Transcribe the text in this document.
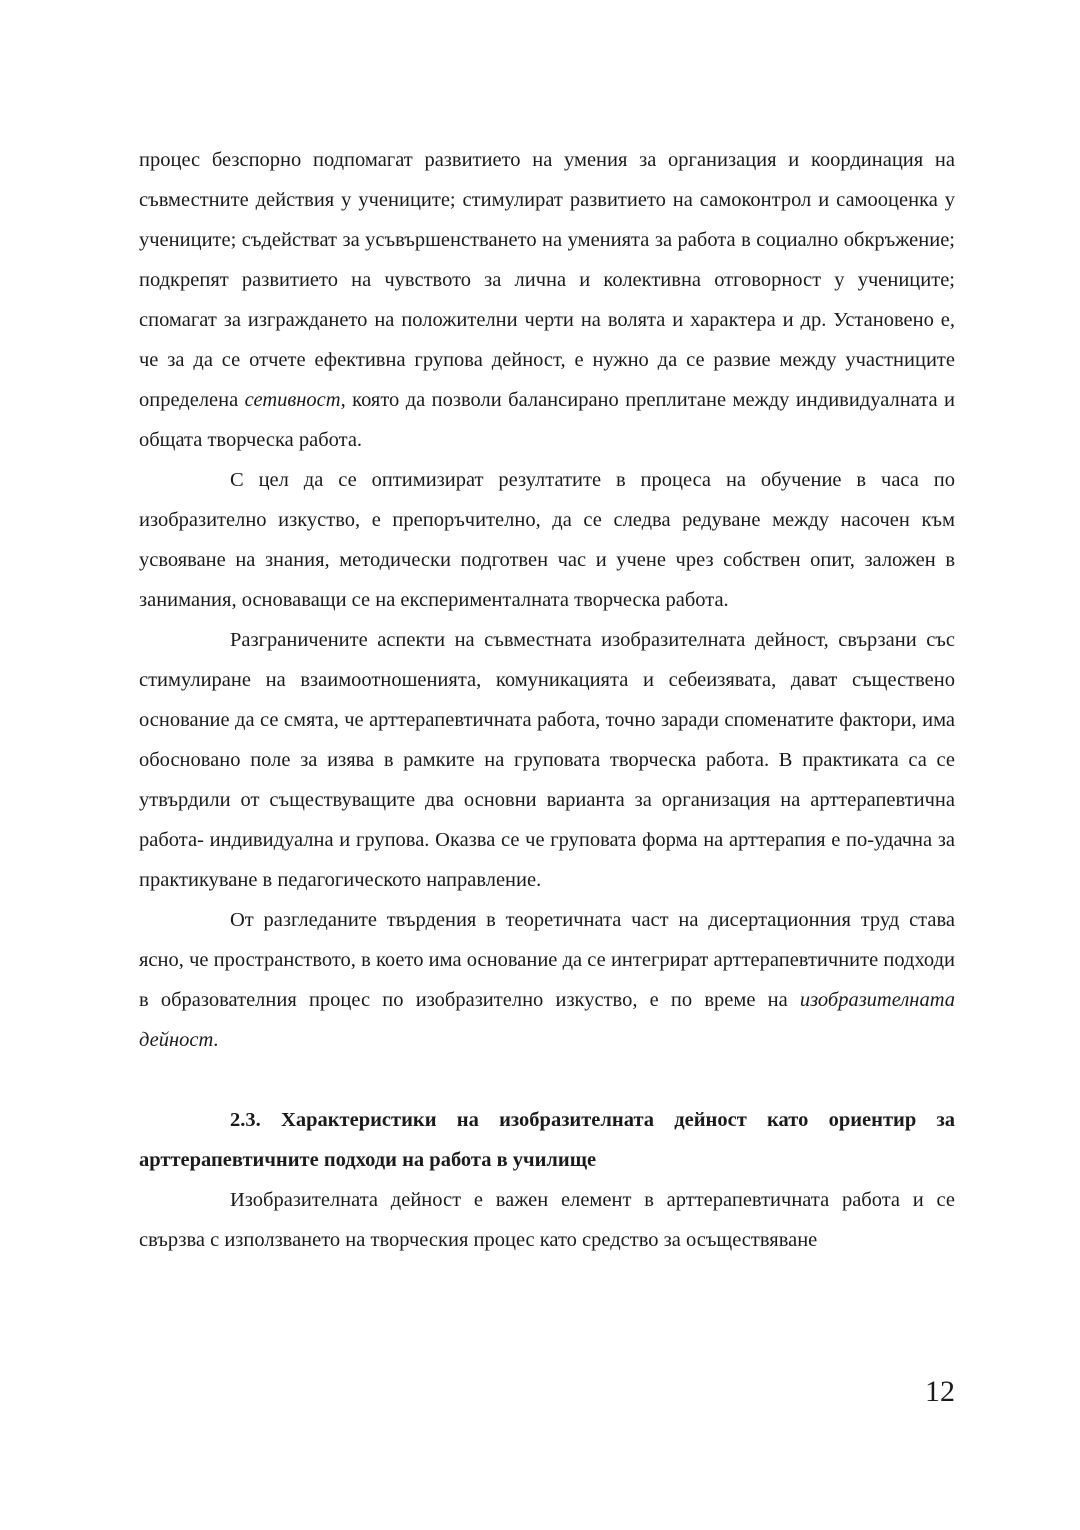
процес безспорно подпомагат развитието на умения за организация и координация на съвместните действия у учениците; стимулират развитието на самоконтрол и самооценка у учениците; съдействат за усъвършенстването на уменията за работа в социално обкръжение; подкрепят развитието на чувството за лична и колективна отговорност у учениците; спомагат за изграждането на положителни черти на волята и характера и др. Установено е, че за да се отчете ефективна групова дейност, е нужно да се развие между участниците определена сетивност, която да позволи балансирано преплитане между индивидуалната и общата творческа работа.

С цел да се оптимизират резултатите в процеса на обучение в часа по изобразително изкуство, е препоръчително, да се следва редуване между насочен към усвояване на знания, методически подготвен час и учене чрез собствен опит, заложен в занимания, основаващи се на експерименталната творческа работа.

Разграничените аспекти на съвместната изобразителната дейност, свързани със стимулиране на взаимоотношенията, комуникацията и себеизявата, дават съществено основание да се смята, че арттерапевтичната работа, точно заради споменатите фактори, има обосновано поле за изява в рамките на груповата творческа работа. В практиката са се утвърдили от съществуващите два основни варианта за организация на арттерапевтична работа- индивидуална и групова. Оказва се че груповата форма на арттерапия е по-удачна за практикуване в педагогическото направление.

От разгледаните твърдения в теоретичната част на дисертационния труд става ясно, че пространството, в което има основание да се интегрират арттерапевтичните подходи в образователния процес по изобразително изкуство, е по време на изобразителната дейност.

2.3. Характеристики на изобразителната дейност като ориентир за арттерапевтичните подходи на работа в училище

Изобразителната дейност е важен елемент в арттерапевтичната работа и се свързва с използването на творческия процес като средство за осъществяване

12
